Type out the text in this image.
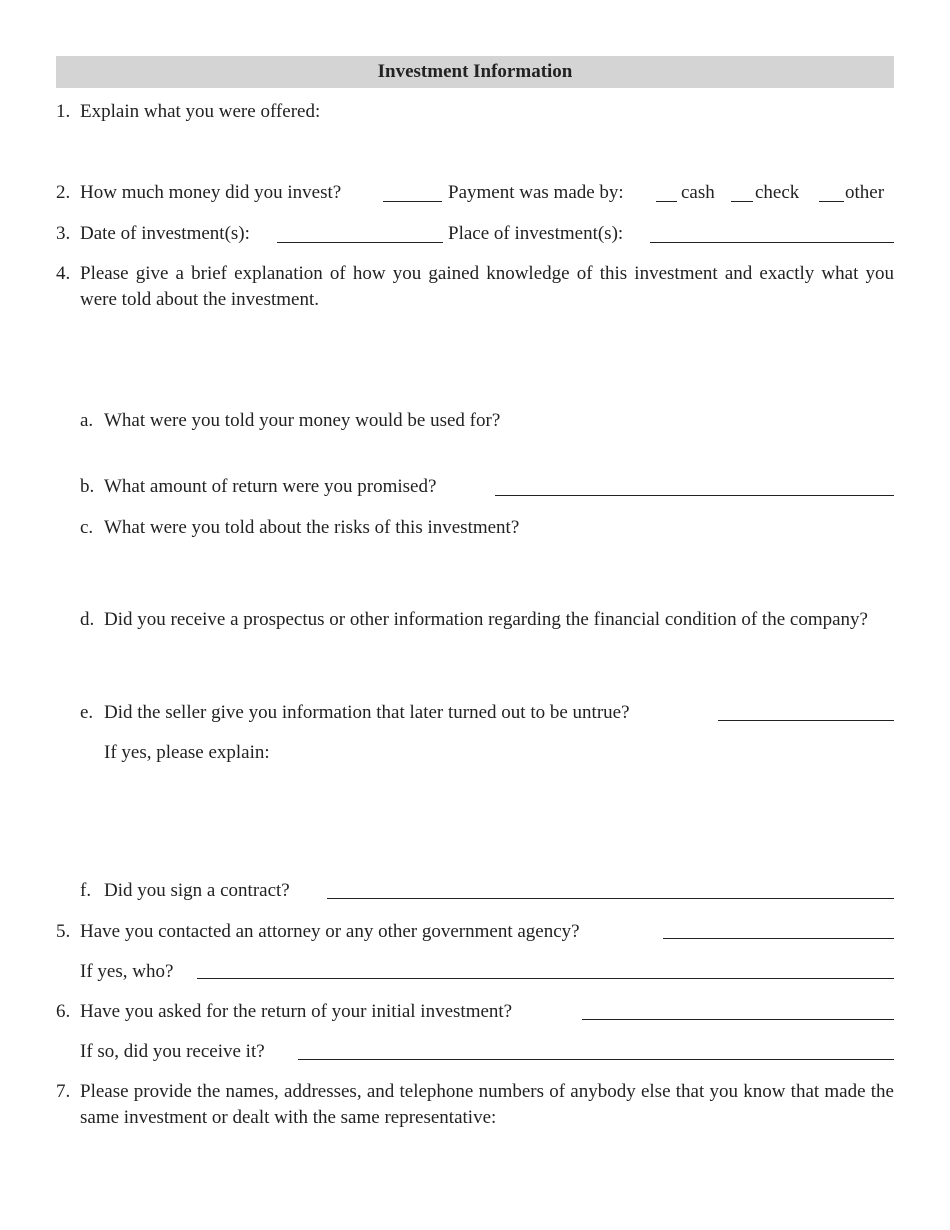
Investment Information
1. Explain what you were offered:
2. How much money did you invest?	Payment was made by:	cash check other
3. Date of investment(s):	Place of investment(s):
4. Please give a brief explanation of how you gained knowledge of this investment and exactly what you were told about the investment.
a. What were you told your money would be used for?
b. What amount of return were you promised?
c. What were you told about the risks of this investment?
d. Did you receive a prospectus or other information regarding the financial condition of the company?
e. Did the seller give you information that later turned out to be untrue?
If yes, please explain:
f. Did you sign a contract?
5. Have you contacted an attorney or any other government agency?
If yes, who?
6. Have you asked for the return of your initial investment?
If so, did you receive it?
7. Please provide the names, addresses, and telephone numbers of anybody else that you know that made the same investment or dealt with the same representative:
